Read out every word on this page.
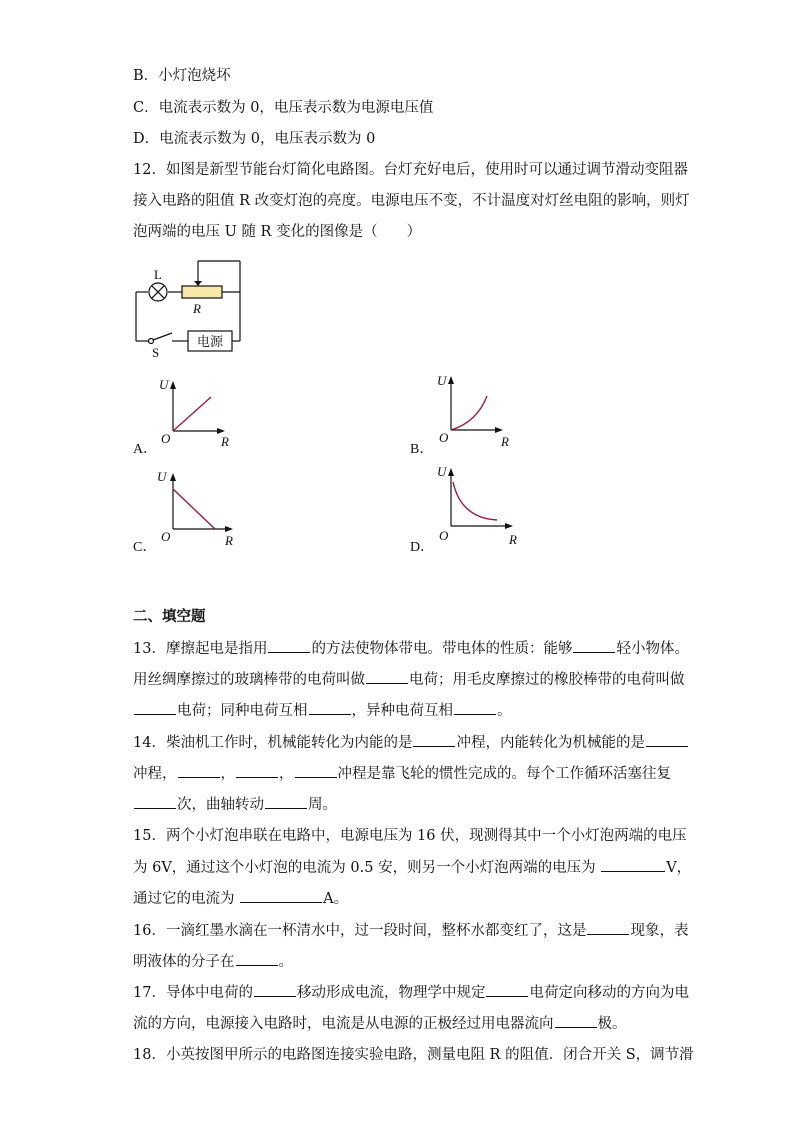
B．小灯泡烧坏
C．电流表示数为 0，电压表示数为电源电压值
D．电流表示数为 0，电压表示数为 0
12．如图是新型节能台灯简化电路图。台灯充好电后，使用时可以通过调节滑动变阻器
接入电路的阻值 R 改变灯泡的亮度。电源电压不变，不计温度对灯丝电阻的影响，则灯
泡两端的电压 U 随 R 变化的图像是（　　）
L
R
S
电源
A．
U
O	R
B．
U
O	R
C．
U
O	R	D．
U
O	R
二、填空题
13．摩擦起电是指用	的方法使物体带电。带电体的性质：能够	轻小物体。
用丝绸摩擦过的玻璃棒带的电荷叫做	电荷；用毛皮摩擦过的橡胶棒带的电荷叫做
电荷；同种电荷互相	，异种电荷互相	。
14．柴油机工作时，机械能转化为内能的是	冲程，内能转化为机械能的是
冲程，	，	，	冲程是靠飞轮的惯性完成的。每个工作循环活塞往复
次，曲轴转动	周。
15．两个小灯泡串联在电路中，电源电压为 16 伏，现测得其中一个小灯泡两端的电压
为 6V，通过这个小灯泡的电流为 0.5 安，则另一个小灯泡两端的电压为	V，
通过它的电流为	A。
16．一滴红墨水滴在一杯清水中，过一段时间，整杯水都变红了，这是	现象，表
明液体的分子在	。
17．导体中电荷的	移动形成电流，物理学中规定	电荷定向移动的方向为电
流的方向，电源接入电路时，电流是从电源的正极经过用电器流向	极。
18．小英按图甲所示的电路图连接实验电路，测量电阻 R 的阻值．闭合开关 S，调节滑
